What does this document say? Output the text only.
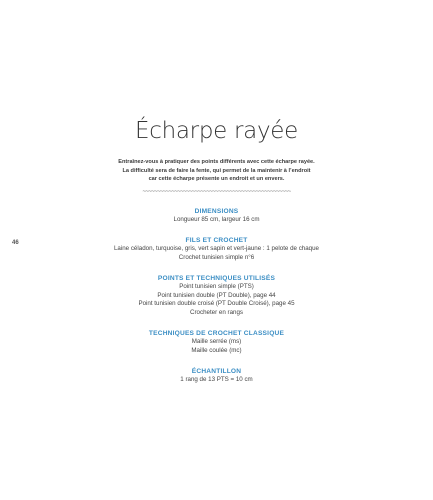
46
Écharpe rayée
Entraînez-vous à pratiquer des points différents avec cette écharpe rayée.
La difficulté sera de faire la fente, qui permet de la maintenir à l’endroit
car cette écharpe présente un endroit et un envers.
~~~~~~~~~~~~~~~~~~~~~~~~~~~~~~~~~~~~~~~~~~~~~~~~~~~
DIMENSIONS
Longueur 85 cm, largeur 16 cm
FILS ET CROCHET
Laine céladon, turquoise, gris, vert sapin et vert-jaune : 1 pelote de chaque
Crochet tunisien simple n°6
POINTS ET TECHNIQUES UTILISÉS
Point tunisien simple (PTS)
Point tunisien double (PT Double), page 44
Point tunisien double croisé (PT Double Croisé), page 45
Crocheter en rangs
TECHNIQUES DE CROCHET CLASSIQUE
Maille serrée (ms)
Maille coulée (mc)
ÉCHANTILLON
1 rang de 13 PTS = 10 cm
